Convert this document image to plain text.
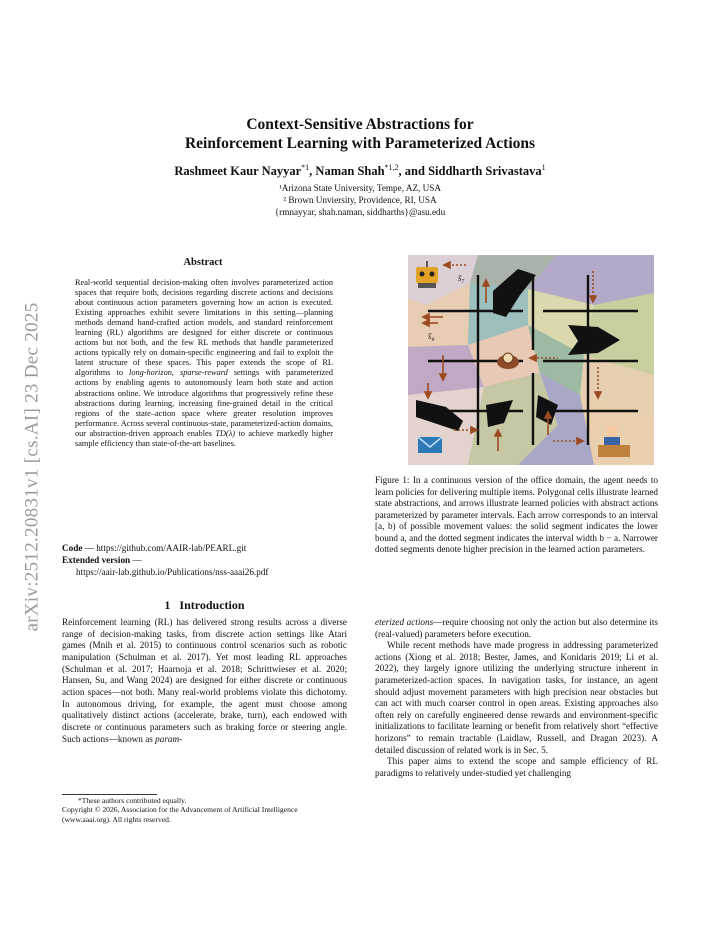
arXiv:2512.20831v1 [cs.AI] 23 Dec 2025
Context-Sensitive Abstractions for
Reinforcement Learning with Parameterized Actions
Rashmeet Kaur Nayyar$^{*1}$, Naman Shah$^{*1,2}$, and Siddharth Srivastava$^1$
¹Arizona State University, Tempe, AZ, USA
² Brown Unviersity, Providence, RI, USA
{rmnayyar, shah.naman, siddharths}@asu.edu
Abstract
Real-world sequential decision-making often involves parameterized action spaces that require both, decisions regarding discrete actions and decisions about continuous action parameters governing how an action is executed. Existing approaches exhibit severe limitations in this setting—planning methods demand hand-crafted action models, and standard reinforcement learning (RL) algorithms are designed for either discrete or continuous actions but not both, and the few RL methods that handle parameterized actions typically rely on domain-specific engineering and fail to exploit the latent structure of these spaces. This paper extends the scope of RL algorithms to long-horizon, sparse-reward settings with parameterized actions by enabling agents to autonomously learn both state and action abstractions online. We introduce algorithms that progressively refine these abstractions during learning, increasing fine-grained detail in the critical regions of the state–action space where greater resolution improves performance. Across several continuous-state, parameterized-action domains, our abstraction-driven approach enables TD(λ) to achieve markedly higher sample efficiency than state-of-the-art baselines.
Code — https://github.com/AAIR-lab/PEARL.git
Extended version —
https://aair-lab.github.io/Publications/nss-aaai26.pdf
1 Introduction
Reinforcement learning (RL) has delivered strong results across a diverse range of decision-making tasks, from discrete action settings like Atari games (Mnih et al. 2015) to continuous control scenarios such as robotic manipulation (Schulman et al. 2017). Yet most leading RL approaches (Schulman et al. 2017; Haarnoja et al. 2018; Schrittwieser et al. 2020; Hansen, Su, and Wang 2024) are designed for either discrete or continuous action spaces—not both. Many real-world problems violate this dichotomy. In autonomous driving, for example, the agent must choose among qualitatively distinct actions (accelerate, brake, turn), each endowed with discrete or continuous parameters such as braking force or steering angle. Such actions—known as param-
*These authors contributed equally.
Copyright © 2026, Association for the Advancement of Artificial Intelligence (www.aaai.org). All rights reserved.
s̄₇
s̄₈
Figure 1: In a continuous version of the office domain, the agent needs to learn policies for delivering multiple items. Polygonal cells illustrate learned state abstractions, and arrows illustrate learned policies with abstract actions parameterized by parameter intervals. Each arrow corresponds to an interval [a, b) of possible movement values: the solid segment indicates the lower bound a, and the dotted segment indicates the interval width b − a. Narrower dotted segments denote higher precision in the learned action parameters.

eterized actions—require choosing not only the action but also determine its (real-valued) parameters before execution.

While recent methods have made progress in addressing parameterized actions (Xiong et al. 2018; Bester, James, and Konidaris 2019; Li et al. 2022), they largely ignore utilizing the underlying structure inherent in parameterized-action spaces. In navigation tasks, for instance, an agent should adjust movement parameters with high precision near obstacles but can act with much coarser control in open areas. Existing approaches also often rely on carefully engineered dense rewards and environment-specific initializations to facilitate learning or benefit from relatively short “effective horizons” to remain tractable (Laidlaw, Russell, and Dragan 2023). A detailed discussion of related work is in Sec. 5.

This paper aims to extend the scope and sample efficiency of RL paradigms to relatively under-studied yet challenging
